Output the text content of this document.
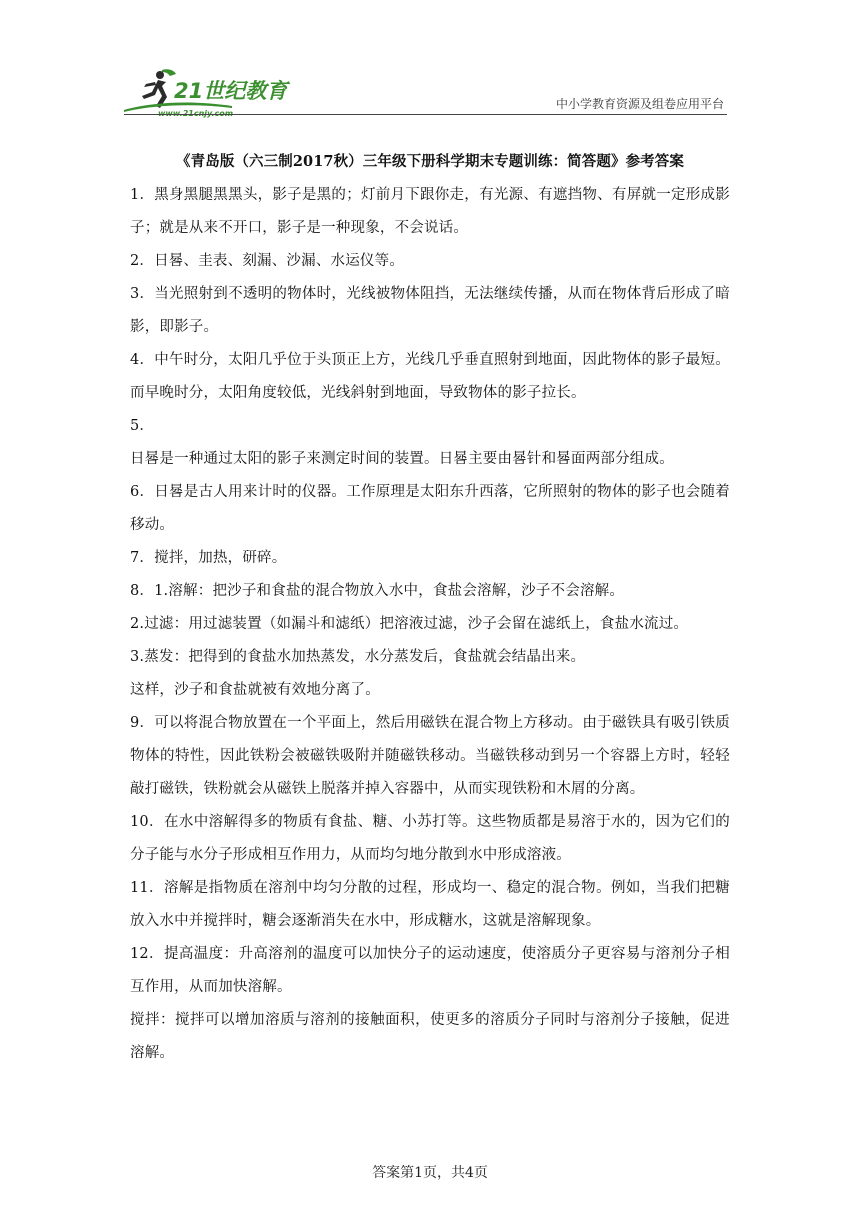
21世纪教育
www.21cnjy.com
中小学教育资源及组卷应用平台
《青岛版（六三制2017秋）三年级下册科学期末专题训练：简答题》参考答案

1．黑身黑腿黑黑头，影子是黑的；灯前月下跟你走，有光源、有遮挡物、有屏就一定形成影子；就是从来不开口，影子是一种现象，不会说话。

2．日晷、圭表、刻漏、沙漏、水运仪等。

3．当光照射到不透明的物体时，光线被物体阻挡，无法继续传播，从而在物体背后形成了暗影，即影子。

4．中午时分，太阳几乎位于头顶正上方，光线几乎垂直照射到地面，因此物体的影子最短。而早晚时分，太阳角度较低，光线斜射到地面，导致物体的影子拉长。

5．

日晷是一种通过太阳的影子来测定时间的装置。日晷主要由晷针和晷面两部分组成。

6．日晷是古人用来计时的仪器。工作原理是太阳东升西落，它所照射的物体的影子也会随着移动。

7．搅拌，加热，研碎。

8．1.溶解：把沙子和食盐的混合物放入水中，食盐会溶解，沙子不会溶解。

2.过滤：用过滤装置（如漏斗和滤纸）把溶液过滤，沙子会留在滤纸上，食盐水流过。

3.蒸发：把得到的食盐水加热蒸发，水分蒸发后，食盐就会结晶出来。

这样，沙子和食盐就被有效地分离了。

9．可以将混合物放置在一个平面上，然后用磁铁在混合物上方移动。由于磁铁具有吸引铁质物体的特性，因此铁粉会被磁铁吸附并随磁铁移动。当磁铁移动到另一个容器上方时，轻轻敲打磁铁，铁粉就会从磁铁上脱落并掉入容器中，从而实现铁粉和木屑的分离。

10．在水中溶解得多的物质有食盐、糖、小苏打等。这些物质都是易溶于水的，因为它们的分子能与水分子形成相互作用力，从而均匀地分散到水中形成溶液。

11．溶解是指物质在溶剂中均匀分散的过程，形成均一、稳定的混合物。例如，当我们把糖放入水中并搅拌时，糖会逐渐消失在水中，形成糖水，这就是溶解现象。

12．提高温度：升高溶剂的温度可以加快分子的运动速度，使溶质分子更容易与溶剂分子相互作用，从而加快溶解。

搅拌：搅拌可以增加溶质与溶剂的接触面积，使更多的溶质分子同时与溶剂分子接触，促进溶解。

答案第1页，共4页
